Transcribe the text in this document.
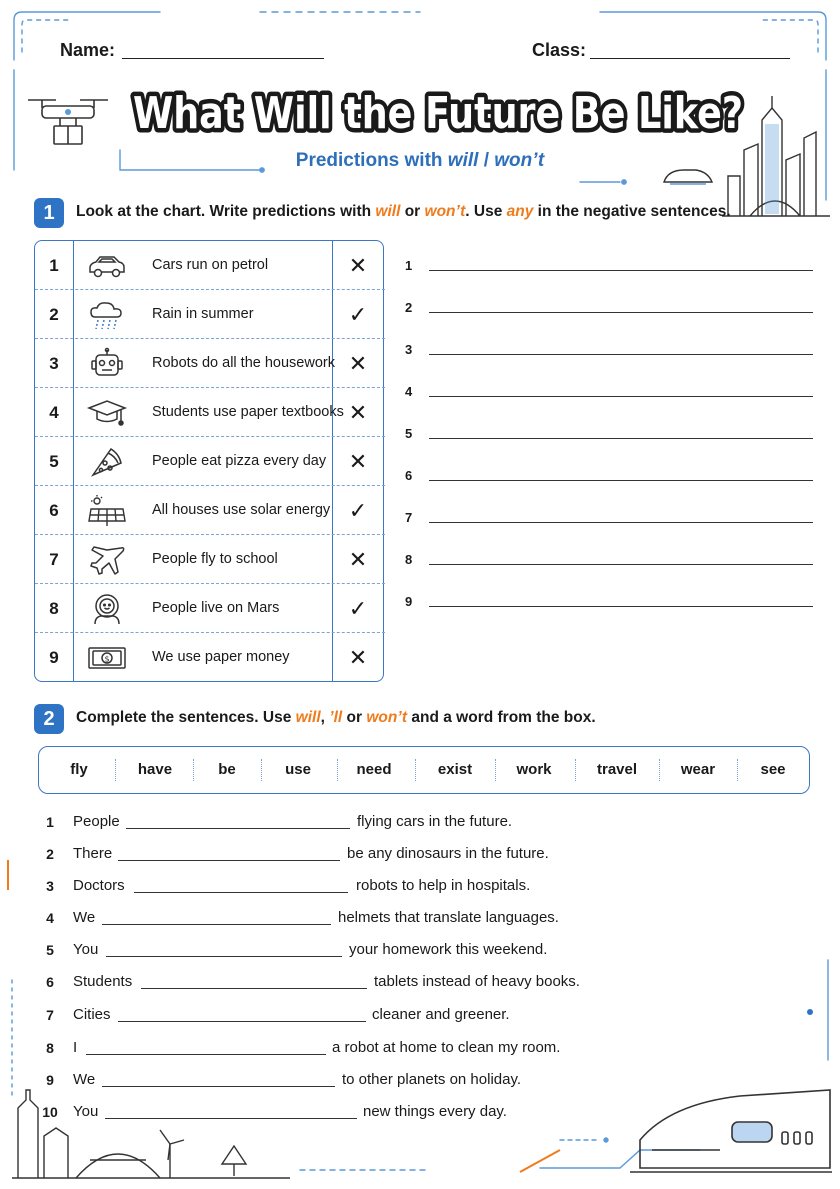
Name:	Class:
What Will the Future Be Like?
Predictions with will / won’t
1	Look at the chart. Write predictions with will or won’t. Use any in the negative sentences.
1	Cars run on petrol	✕
2	Rain in summer	✓
3	Robots do all the housework ✕
4	Students use paper textbooks ✕
5	People eat pizza every day	✕
6	All houses use solar energy ✓
7	People fly to school	✕
8	People live on Mars	✓
9	$	We use paper money	✕
1
2
3
4
5
6
7
8
9
2	Complete the sentences. Use will, ’ll or won’t and a word from the box.
fly	have	be	use	need	exist	work	travel	wear	see
1	People	flying cars in the future.
2	There	be any dinosaurs in the future.
3	Doctors	robots to help in hospitals.
4	We	helmets that translate languages.
5	You	your homework this weekend.
6	Students	tablets instead of heavy books.
7	Cities	cleaner and greener.
8	I	a robot at home to clean my room.
9	We	to other planets on holiday.
10 You	new things every day.
